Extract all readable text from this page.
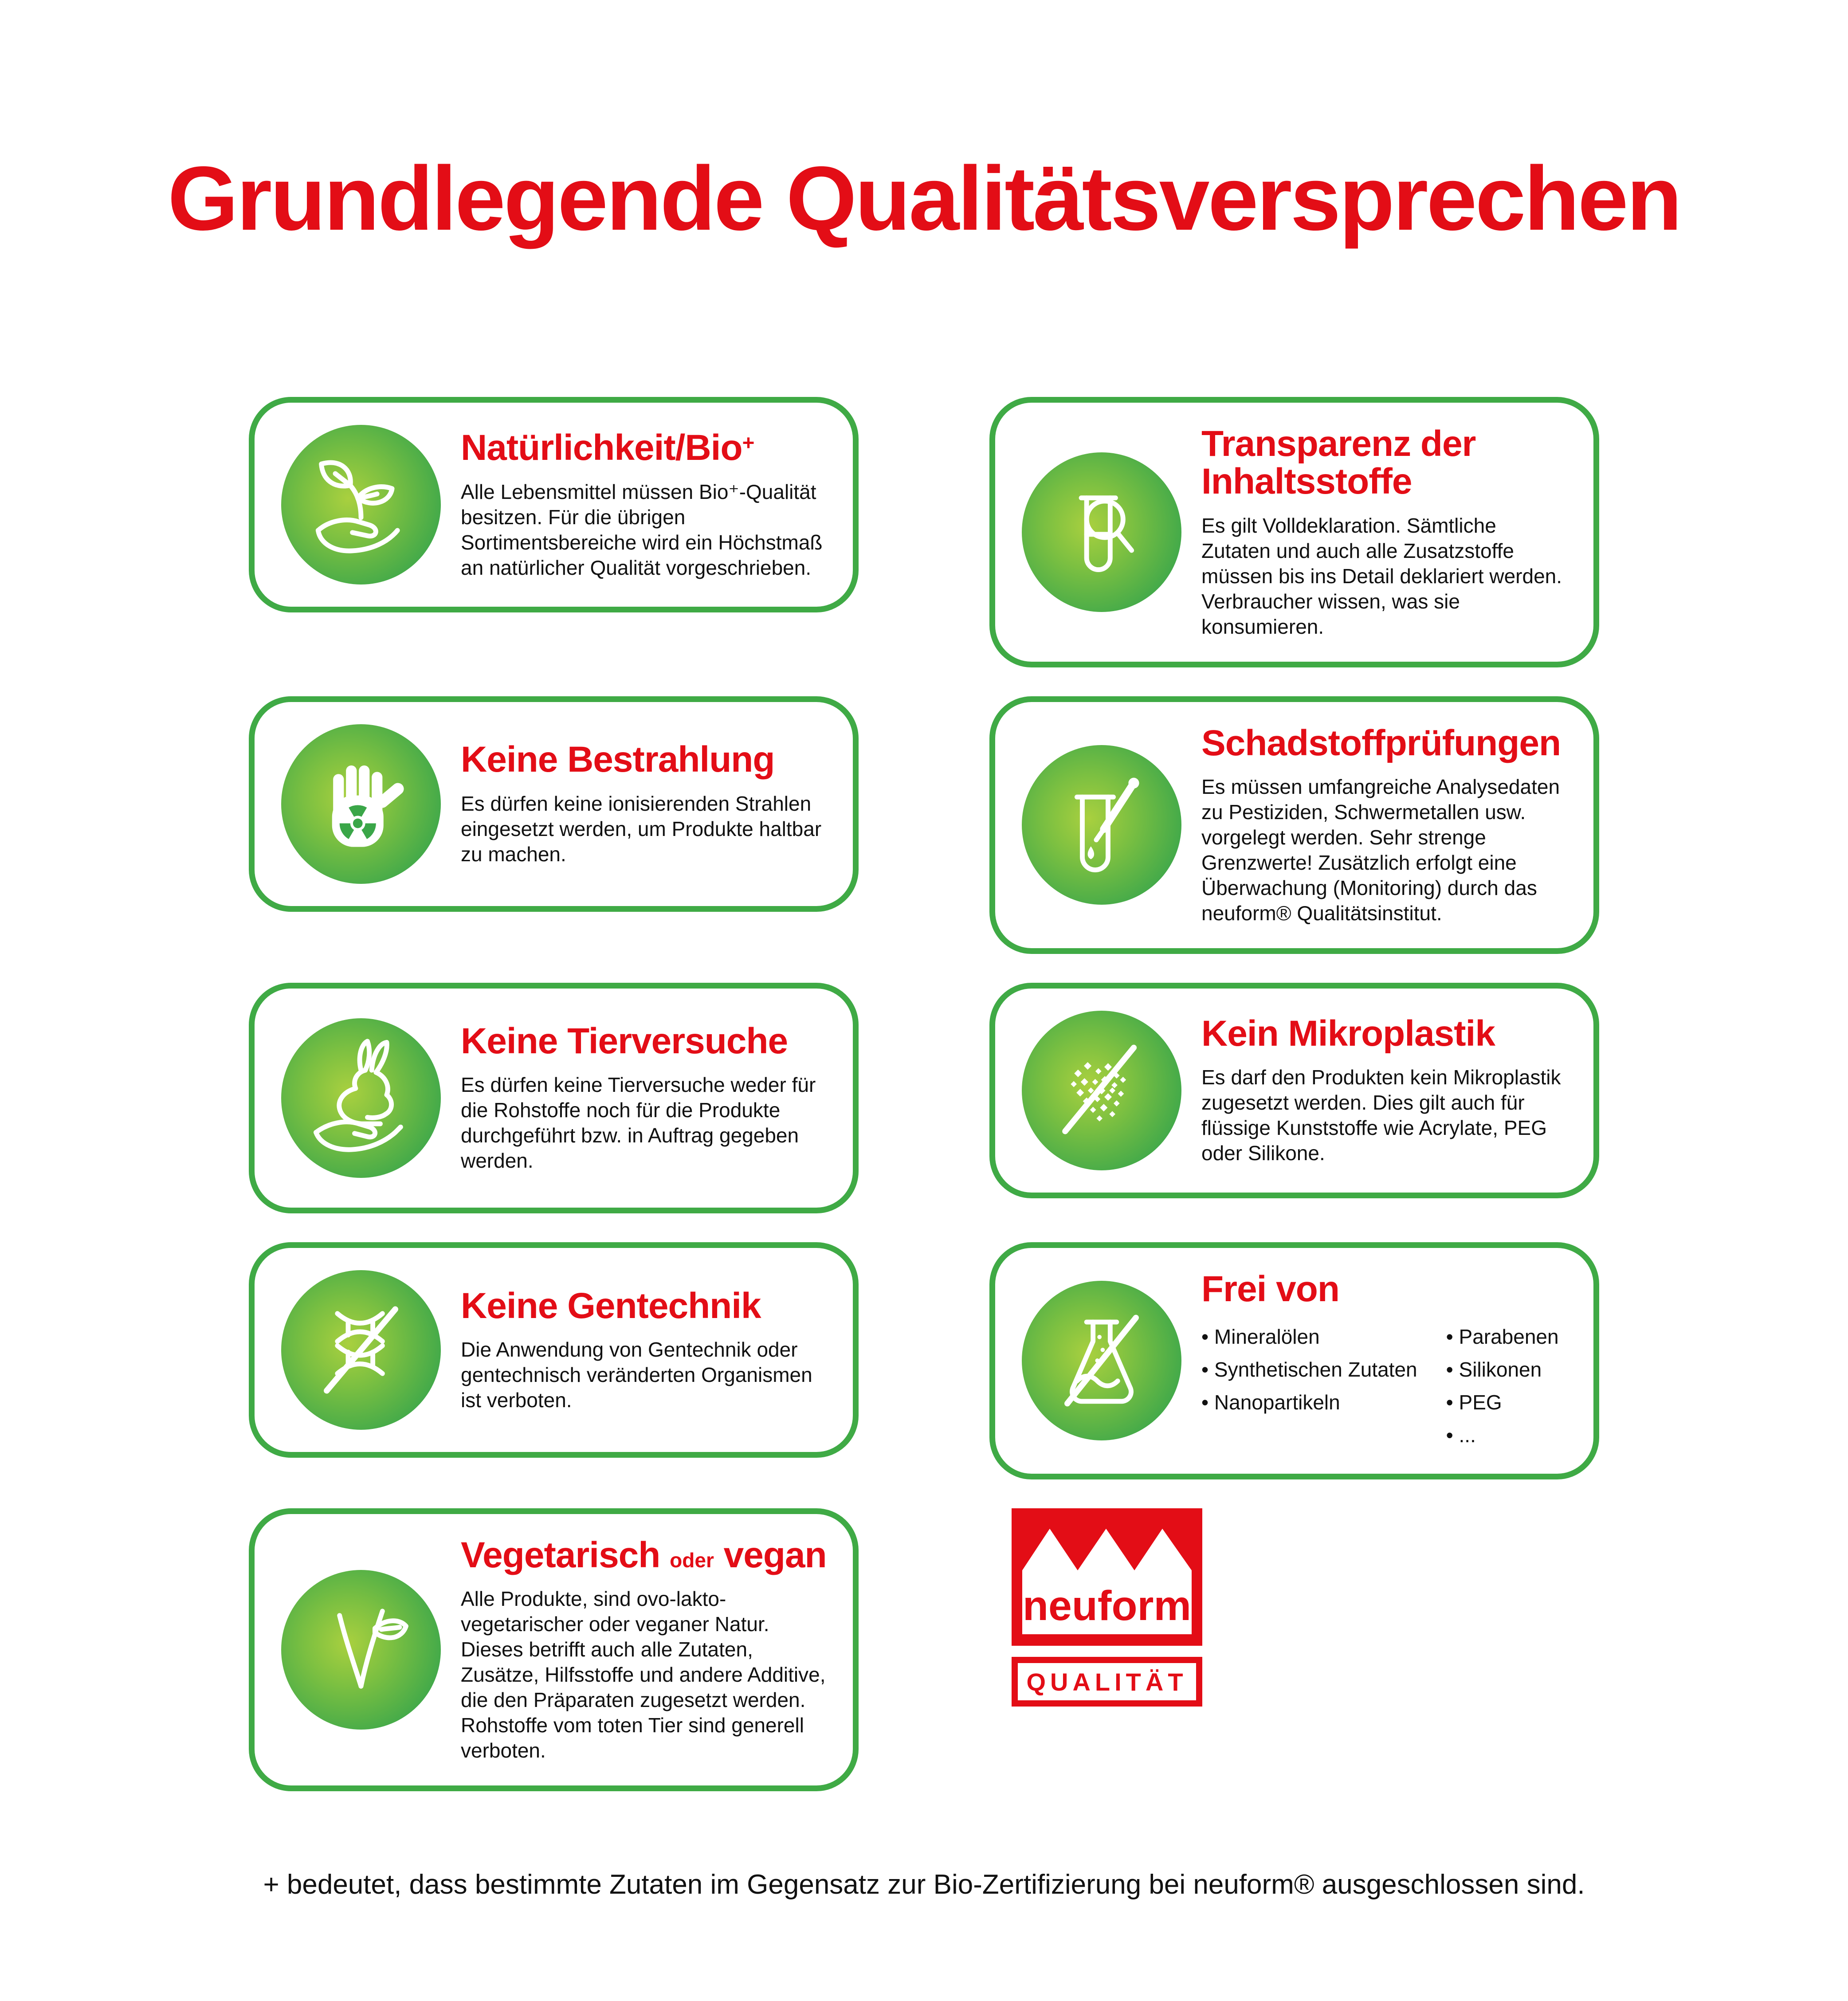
Grundlegende Qualitätsversprechen
Natürlichkeit/Bio+

Alle Lebensmittel müssen Bio⁺-Qualität besitzen. Für die übrigen Sortimentsbereiche wird ein Höchstmaß an natürlicher Qualität vorgeschrieben.

Transparenz der Inhaltsstoffe

Es gilt Volldeklaration. Sämtliche Zutaten und auch alle Zusatzstoffe müssen bis ins Detail deklariert werden. Verbraucher wissen, was sie konsumieren.

Keine Bestrahlung

Es dürfen keine ionisierenden Strahlen eingesetzt werden, um Produkte haltbar zu machen.

Schadstoffprüfungen

Es müssen umfangreiche Analysedaten zu Pestiziden, Schwermetallen usw. vorgelegt werden. Sehr strenge Grenzwerte! Zusätzlich erfolgt eine Überwachung (Monitoring) durch das neuform® Qualitätsinstitut.

Keine Tierversuche

Es dürfen keine Tierversuche weder für die Rohstoffe noch für die Produkte durchgeführt bzw. in Auftrag gegeben werden.

Kein Mikroplastik

Es darf den Produkten kein Mikroplastik zugesetzt werden. Dies gilt auch für flüssige Kunststoffe wie Acrylate, PEG oder Silikone.

Keine Gentechnik

Die Anwendung von Gentechnik oder gentechnisch veränderten Organismen ist verboten.

Frei von
• Mineralölen
• Synthetischen Zutaten
• Nanopartikeln
• Parabenen
• Silikonen
• PEG
• ...
Vegetarisch oder vegan

Alle Produkte, sind ovo-lakto-vegetarischer oder veganer Natur. Dieses betrifft auch alle Zutaten, Zusätze, Hilfsstoffe und andere Additive, die den Präparaten zugesetzt werden. Rohstoffe vom toten Tier sind generell verboten.

neuform
QUALITÄT
+ bedeutet, dass bestimmte Zutaten im Gegensatz zur Bio-Zertifizierung bei neuform® ausgeschlossen sind.
